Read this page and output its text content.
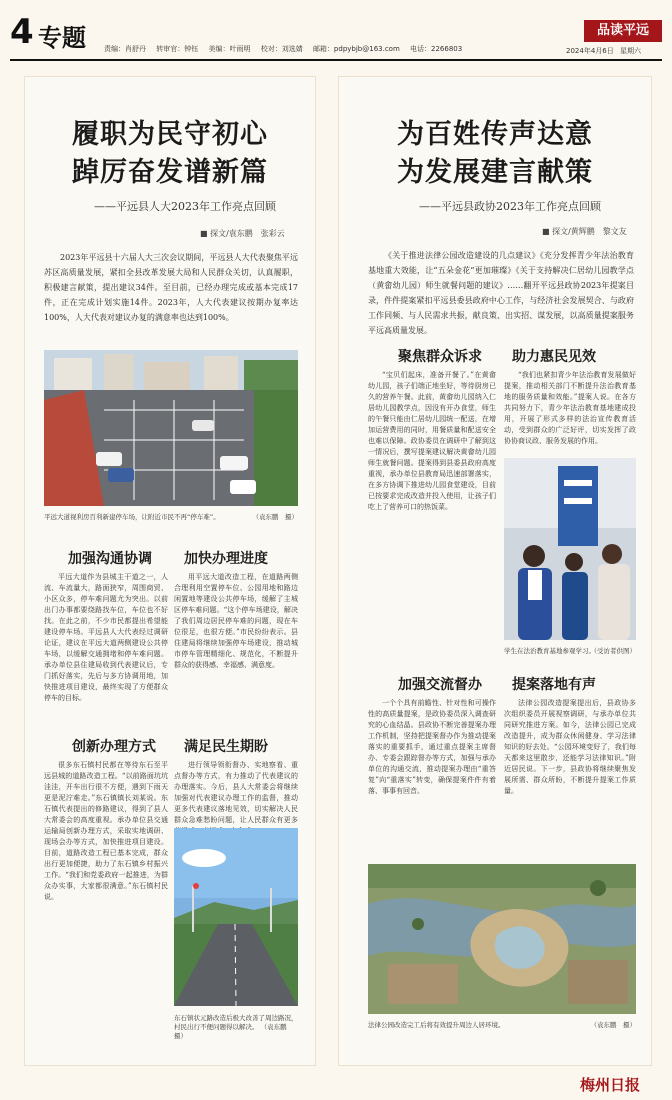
4 专题	责编：肖舒丹 转审官：钟钰 美编：叶雨明 校对：刘选婧 邮箱：pdpybjb@163.com 电话：2266803
品读平远
2024年4月6日 星期六
履职为民守初心
踔厉奋发谱新篇
——平远县人大2023年工作亮点回顾
■ 探文/袁东鹏　张彩云
2023年平远县十六届人大三次会议期间，平远县人大代表聚焦平远苏区高质量发展，紧扣全县改革发展大局和人民群众关切，认真履职，积极建言献策，提出建议34件。至目前，已经办理完成或基本完成17件，正在完成计划实施14件。2023年，人大代表建议按期办复率达100%，人大代表对建议办复的满意率也达到100%。
平远大道视利房百利新建停车场，让附近市民不再“停车难”。	（袁东鹏　摄）
加强沟通协调 加快办理进度

平远大道作为县城主干道之一，人流、车流量大，路面狭窄，周围商贸、小区众多，停车难问题尤为突出。以前出门办事都要绕路找车位，车位也不好找。在此之前，不少市民都提出希望能建设停车场。平远县人大代表经过调研论证，建议在平远大道两侧建设公共停车场，以缓解交通拥堵和停车难问题。承办单位县住建局收到代表建议后，专门抓好落实，先后与多方协调用地，加快推进项目建设，最终实现了方便群众停车的目标。

用平远大道改造工程，在道路两侧合理利用空置停车位、公园用地和路边闲置地等建设公共停车场，缓解了主城区停车难问题。“这个停车场建设，解决了我们周边居民停车难的问题，现在车位很足，也很方便。”市民纷纷表示。县住建局将继续加强停车场建设，推动城市停车管理精细化、规范化，不断提升群众的获得感、幸福感、满意度。

创新办理方式 满足民生期盼

很多东石镇村民都在等待东石至平远县城的道路改造工程。“以前路面坑坑洼洼，开车出行很不方便，遇到下雨天更是泥泞难走。”东石镇镇长刘某说。东石镇代表提出的修路建议，得到了县人大常委会的高度重视。承办单位县交通运输局创新办理方式，采取实地调研、现场会办等方式，加快推进项目建设。目前，道路改造工程已基本完成，群众出行更加便捷，助力了东石镇乡村振兴工作。“我们和党委政府一起推进，为群众办实事，大家都很满意。”东石镇村民说。

进行领导领衔督办、实地察看、重点督办等方式，有力推动了代表建议的办理落实。今后，县人大常委会将继续加强对代表建议办理工作的监督，推动更多代表建议落地见效，切实解决人民群众急难愁盼问题，让人民群众有更多

东石镇状元路改造后极大改善了周边路况，村民出行不便问题得以解决。 （袁东鹏　摄）
为百姓传声达意
为发展建言献策
——平远县政协2023年工作亮点回顾
■ 探文/黄辉鹏　黎文友
《关于推进法律公园改造建设的几点建议》《充分发挥青少年法治教育基地重大效能，让“五朵金花”更加璀璨》《关于支持解决仁居幼儿园教学点（黄畲幼儿园）师生就餐问题的建议》……翻开平远县政协2023年提案目录，件件提案紧扣平远县委县政府中心工作，与经济社会发展契合、与政府工作同频、与人民需求共振，献良策、出实招、谋发展，以高质量提案服务平远高质量发展。
聚焦群众诉求 助力惠民见效

“宝贝们起床，准备开餐了。”在黄畲幼儿园，孩子们端正地坐好，等待厨房已久的营养午餐。此前，黄畲幼儿园纳入仁居幼儿园教学点，因没有开办食堂，师生的午餐只能由仁居幼儿园统一配送，在增加运营费用的同时，用餐质量和配送安全也难以保障。政协委员在调研中了解到这一情况后，撰写提案建议解决黄畲幼儿园师生就餐问题。提案得到县委县政府高度重视，承办单位县教育局迅速部署落实，在多方协调下推进幼儿园食堂建设，目前已按要求完成改造并投入使用，让孩子们吃上了营养可口的热饭菜。

“我们也紧扣青少年法治教育发展做好提案，推动相关部门不断提升法治教育基地的服务质量和效能。”提案人说。在各方共同努力下，青少年法治教育基地建成投用，开展了形式多样的法治宣传教育活动，受到群众的广泛好评，切实发挥了政协协商议政、服务发展的作用。

学生在法治教育基地参观学习。
（受访者供图）
加强交流督办 提案落地有声

一个个具有前瞻性、针对性和可操作性的高质量提案，是政协委员深入调查研究的心血结晶。县政协不断完善提案办理工作机制，坚持把提案督办作为推动提案落实的重要抓手，通过重点提案主席督办、专委会跟踪督办等方式，加强与承办单位的沟通交流，推动提案办理由“重答复”向“重落实”转变，确保提案件件有着落、事事有回音。

法律公园改造提案提出后，县政协多次组织委员开展视察调研，与承办单位共同研究推进方案。如今，法律公园已完成改造提升，成为群众休闲健身、学习法律知识的好去处。“公园环境变好了，我们每天都来这里散步，还能学习法律知识。”附近居民说。下一步，县政协将继续聚焦发展所需、群众所盼，不断提升提案工作质量。

法律公园改造完工后将有效提升周边人居环境。	（袁东鹏　摄）
梅州日报
